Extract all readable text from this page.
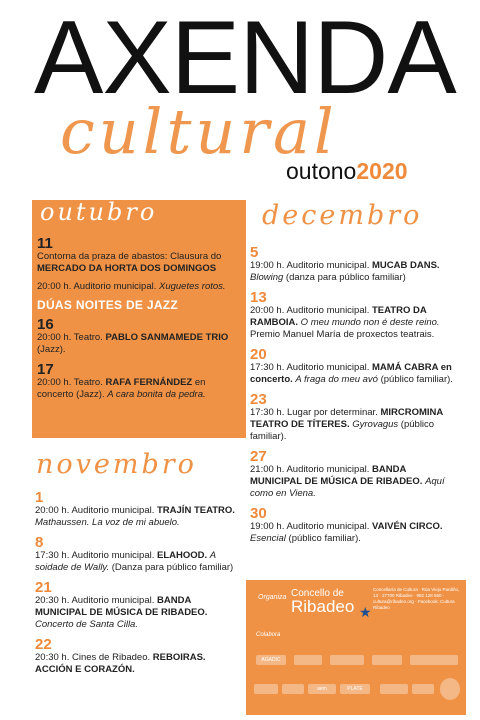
AXENDA
cultural
outono2020
outubro
11
Contorna da praza de abastos: Clausura do MERCADO DA HORTA DOS DOMINGOS
20:00 h. Auditorio municipal. Xuguetes rotos.
DÚAS NOITES DE JAZZ
16
20:00 h. Teatro. PABLO SANMAMEDE TRIO (Jazz).
17
20:00 h. Teatro. RAFA FERNÁNDEZ en concerto (Jazz). A cara bonita da pedra.
novembro
1
20:00 h. Auditorio municipal. TRAJÍN TEATRO. Mathaussen. La voz de mi abuelo.
8
17:30 h. Auditorio municipal. ELAHOOD. A soidade de Wally. (Danza para público familiar)
21
20:30 h. Auditorio municipal. BANDA MUNICIPAL DE MÚSICA DE RIBADEO. Concerto de Santa Cilla.
22
20:30 h. Cines de Ribadeo. REBOIRAS. ACCIÓN E CORAZÓN.
decembro
5
19:00 h. Auditorio municipal. MUCAB DANS. Blowing (danza para público familiar)
13
20:00 h. Auditorio municipal. TEATRO DA RAMBOIA. O meu mundo non é deste reino. Premio Manuel María de proxectos teatrais.
20
17:30 h. Auditorio municipal. MAMÁ CABRA en concerto. A fraga do meu avó (público familiar).
23
17:30 h. Lugar por determinar. MIRCROMINA TEATRO DE TÍTERES. Gyrovagus (público familiar).
27
21:00 h. Auditorio municipal. BANDA MUNICIPAL DE MÚSICA DE RIBADEO. Aquí como en Viena.
30
19:00 h. Auditorio municipal. VAIVÉN CIRCO. Esencial (público familiar).
Organiza Concello de
Ribadeo ★
Concellaría de Cultura · Rúa Viejo Pardiño, 13 · 27700 Ribadeo · 982 128 560 · cultura@ribadeo.org · Facebook: Cultura Ribadeo
Colabora
AGADIC
aem	PLATE
